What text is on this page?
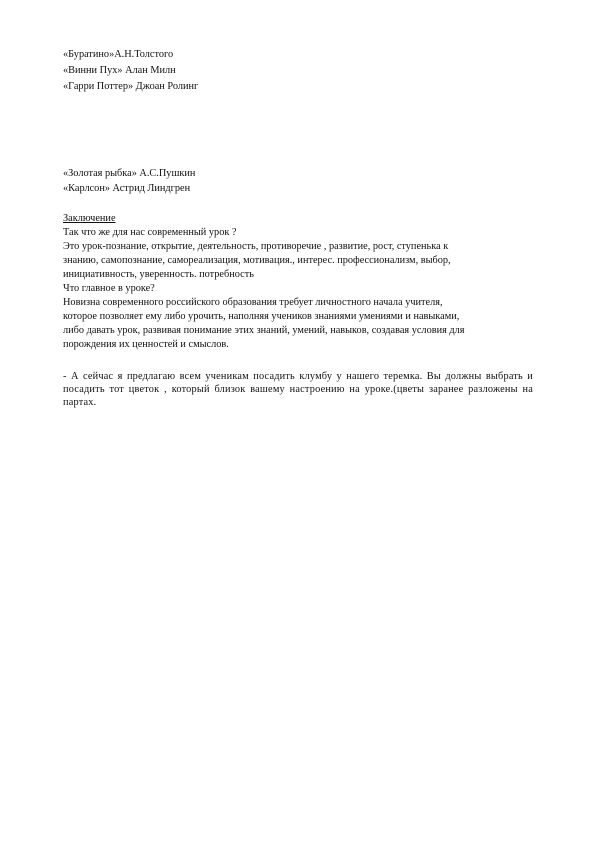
«Буратино»А.Н.Толстого
«Винни Пух» Алан Милн
«Гарри Поттер» Джоан Ролинг
«Золотая рыбка» А.С.Пушкин
«Карлсон» Астрид Линдгрен
Заключение
Так что же для нас современный урок ?
Это урок-познание, открытие, деятельность, противоречие , развитие, рост, ступенька к
знанию, самопознание, самореализация, мотивация., интерес. профессионализм, выбор,
инициативность, уверенность. потребность
Что главное в уроке?
Новизна современного российского образования требует личностного начала учителя,
которое позволяет ему либо урочить, наполняя учеников знаниями умениями и навыками,
либо давать урок, развивая понимание этих знаний, умений, навыков, создавая условия для
порождения их ценностей и смыслов.
- А сейчас я предлагаю всем ученикам посадить клумбу у нашего теремка. Вы должны выбрать и посадить тот цветок , который близок вашему настроению на уроке.(цветы заранее разложены на партах.
